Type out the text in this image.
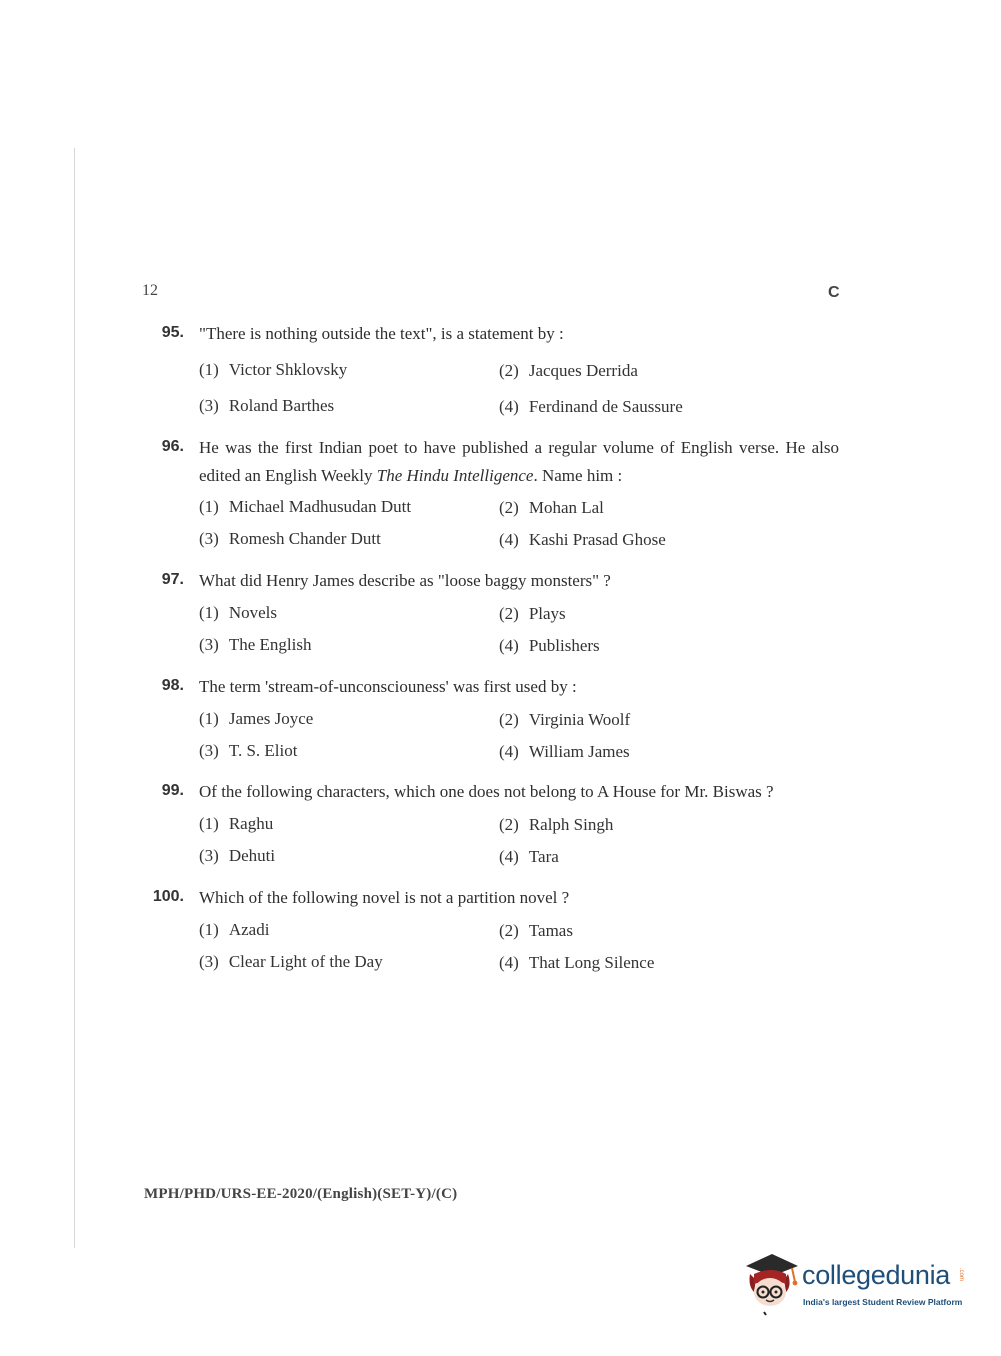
12	C
95. "There is nothing outside the text", is a statement by :
(1) Victor Shklovsky	(2) Jacques Derrida
(3) Roland Barthes	(4) Ferdinand de Saussure
96. He was the first Indian poet to have published a regular volume of English verse. He also edited an English Weekly The Hindu Intelligence. Name him :
(1) Michael Madhusudan Dutt	(2) Mohan Lal
(3) Romesh Chander Dutt	(4) Kashi Prasad Ghose
97. What did Henry James describe as "loose baggy monsters" ?
(1) Novels	(2) Plays
(3) The English	(4) Publishers
98. The term 'stream-of-unconsciouness' was first used by :
(1) James Joyce	(2) Virginia Woolf
(3) T. S. Eliot	(4) William James
99. Of the following characters, which one does not belong to A House for Mr. Biswas ?
(1) Raghu	(2) Ralph Singh
(3) Dehuti	(4) Tara
100. Which of the following novel is not a partition novel ?
(1) Azadi	(2) Tamas
(3) Clear Light of the Day	(4) That Long Silence
MPH/PHD/URS-EE-2020/(English)(SET-Y)/(C)
collegedunia .com
India's largest Student Review Platform
